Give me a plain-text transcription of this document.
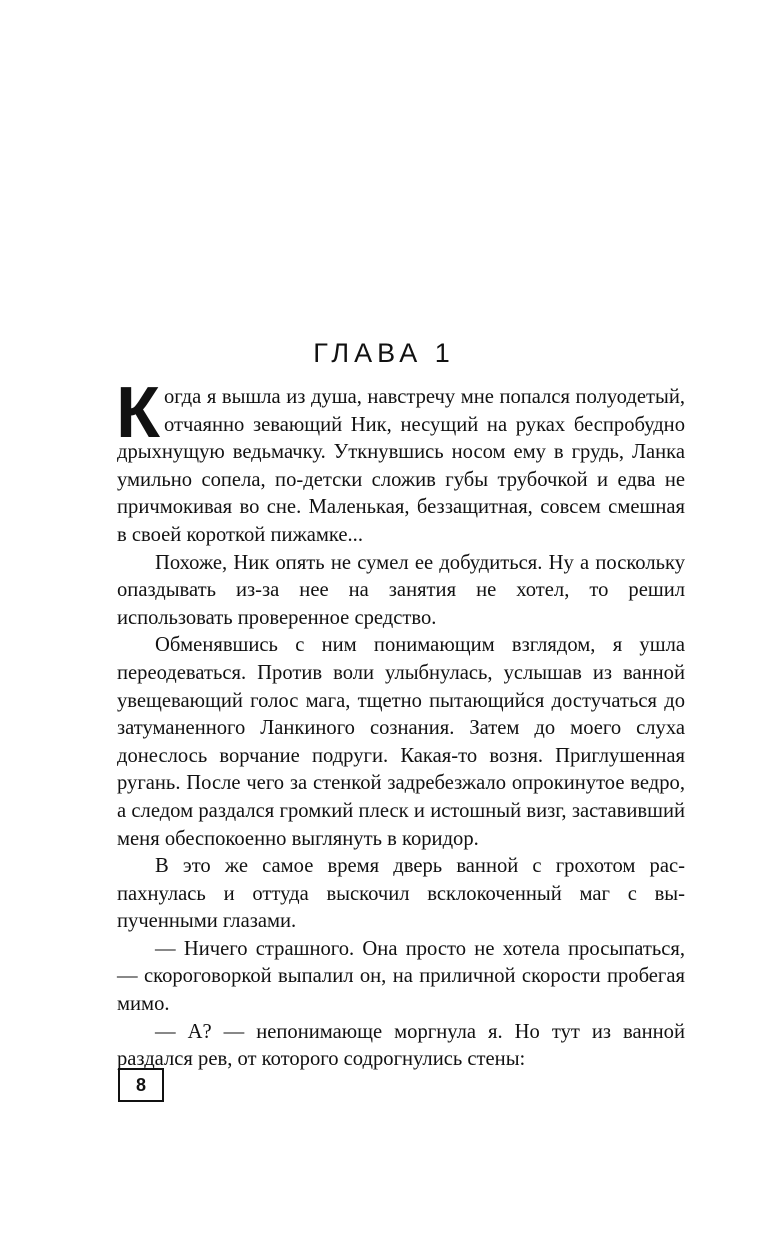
ГЛАВА 1

Когда я вышла из душа, навстречу мне попался полуодетый, отчаянно зевающий Ник, несущий на руках беспробудно дрыхнущую ведьмачку. Уткнувшись носом ему в грудь, Ланка умильно сопела, по-детски сложив губы трубочкой и едва не причмокивая во сне. Маленькая, беззащитная, совсем смешная в своей короткой пижамке...

Похоже, Ник опять не сумел ее добудиться. Ну а поскольку опаздывать из-за нее на занятия не хотел, то решил использовать проверенное средство.

Обменявшись с ним понимающим взглядом, я ушла переодеваться. Против воли улыбнулась, услышав из ванной увещевающий голос мага, тщетно пытающийся достучаться до затуманенного Ланкиного сознания. Затем до моего слуха донеслось ворчание подруги. Какая-то возня. Приглушенная ругань. После чего за стенкой задребезжало опрокинутое ведро, а следом раздался громкий плеск и истошный визг, заставивший меня обеспокоенно выглянуть в коридор.

В это же самое время дверь ванной с грохотом распахнулась и оттуда выскочил всклокоченный маг с выпученными глазами.

— Ничего страшного. Она просто не хотела просыпаться, — скороговоркой выпалил он, на приличной скорости пробегая мимо.

— А? — непонимающе моргнула я. Но тут из ванной раздался рев, от которого содрогнулись стены:

8
